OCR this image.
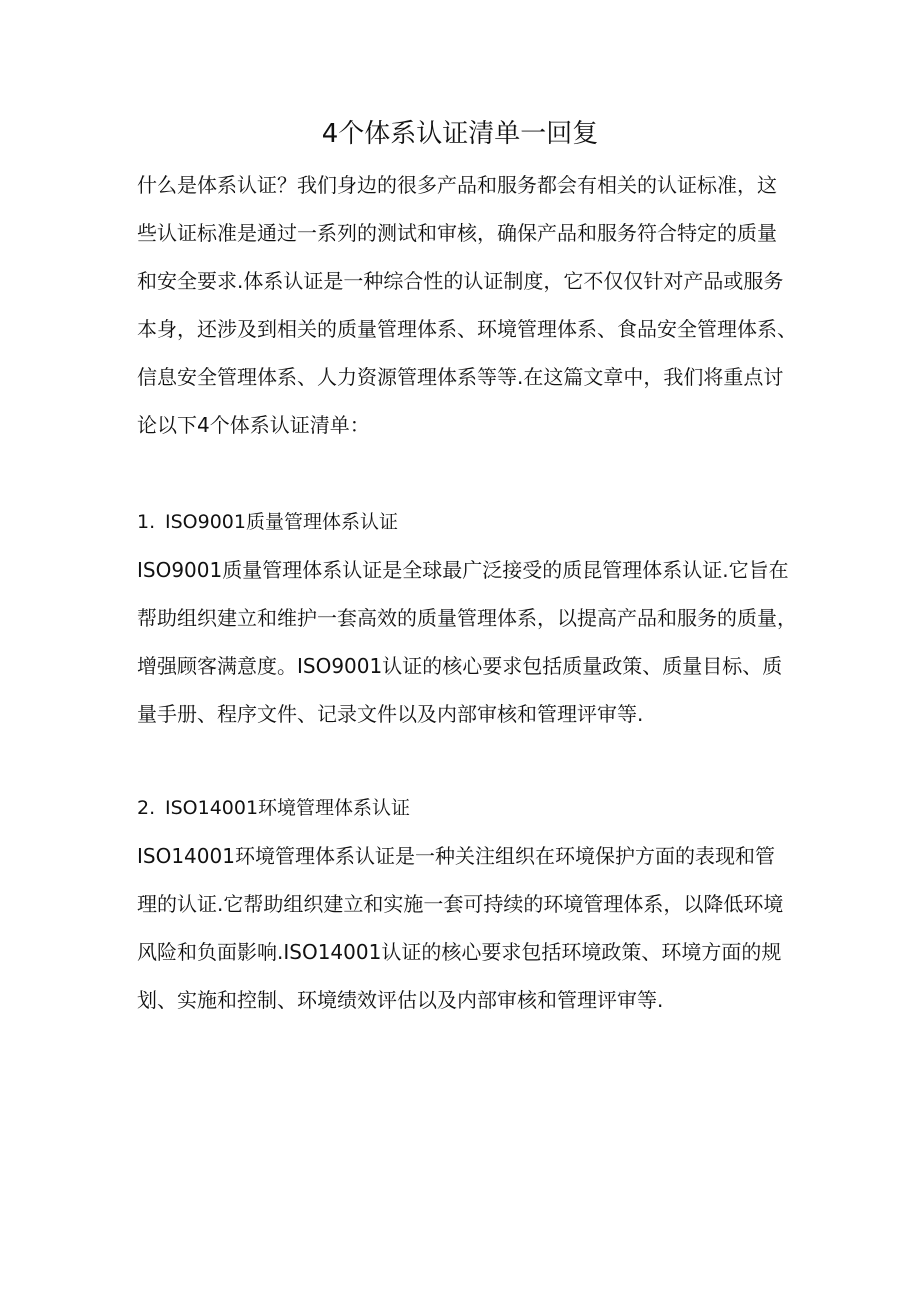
4个体系认证清单一回复

什么是体系认证？我们身边的很多产品和服务都会有相关的认证标准，这
些认证标准是通过一系列的测试和审核，确保产品和服务符合特定的质量
和安全要求.体系认证是一种综合性的认证制度，它不仅仅针对产品或服务
本身，还涉及到相关的质量管理体系、环境管理体系、食品安全管理体系、
信息安全管理体系、人力资源管理体系等等.在这篇文章中，我们将重点讨
论以下4个体系认证清单：

1. ISO9001质量管理体系认证

ISO9001质量管理体系认证是全球最广泛接受的质昆管理体系认证.它旨在
帮助组织建立和维护一套高效的质量管理体系，以提高产品和服务的质量，
增强顾客满意度。ISO9001认证的核心要求包括质量政策、质量目标、质
量手册、程序文件、记录文件以及内部审核和管理评审等.

2. ISO14001环境管理体系认证

ISO14001环境管理体系认证是一种关注组织在环境保护方面的表现和管
理的认证.它帮助组织建立和实施一套可持续的环境管理体系，以降低环境
风险和负面影响.ISO14001认证的核心要求包括环境政策、环境方面的规
划、实施和控制、环境绩效评估以及内部审核和管理评审等.
